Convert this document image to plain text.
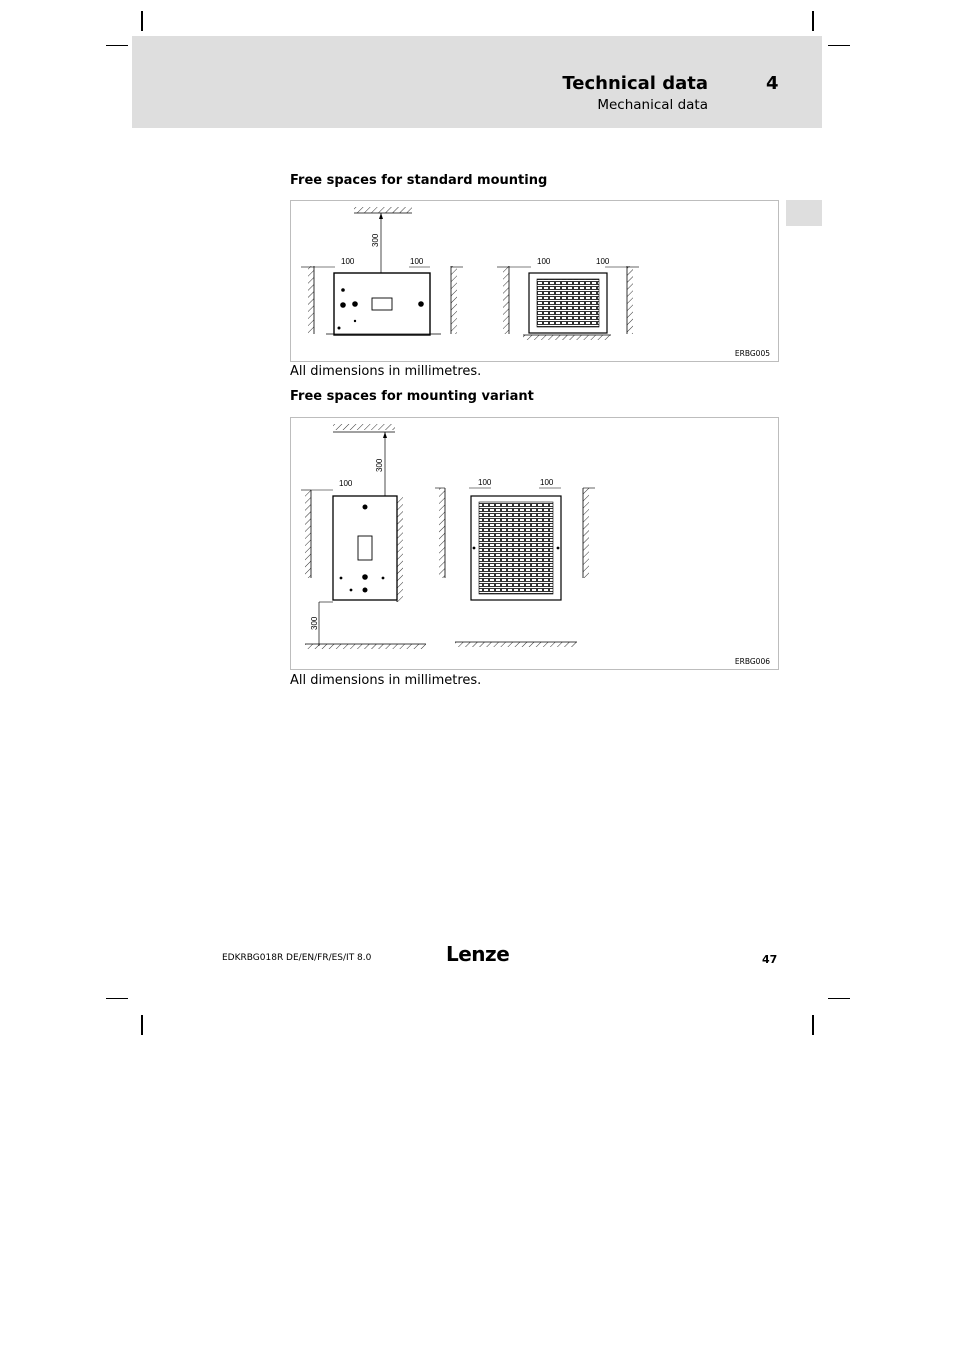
Technical data	4
Mechanical data
Free spaces for standard mounting
300
100	100	100	100
ERBG005
All dimensions in millimetres.
Free spaces for mounting variant
300
100
300
100	100
ERBG006
All dimensions in millimetres.
EDKRBG018R DE/EN/FR/ES/IT 8.0	Lenze	47
